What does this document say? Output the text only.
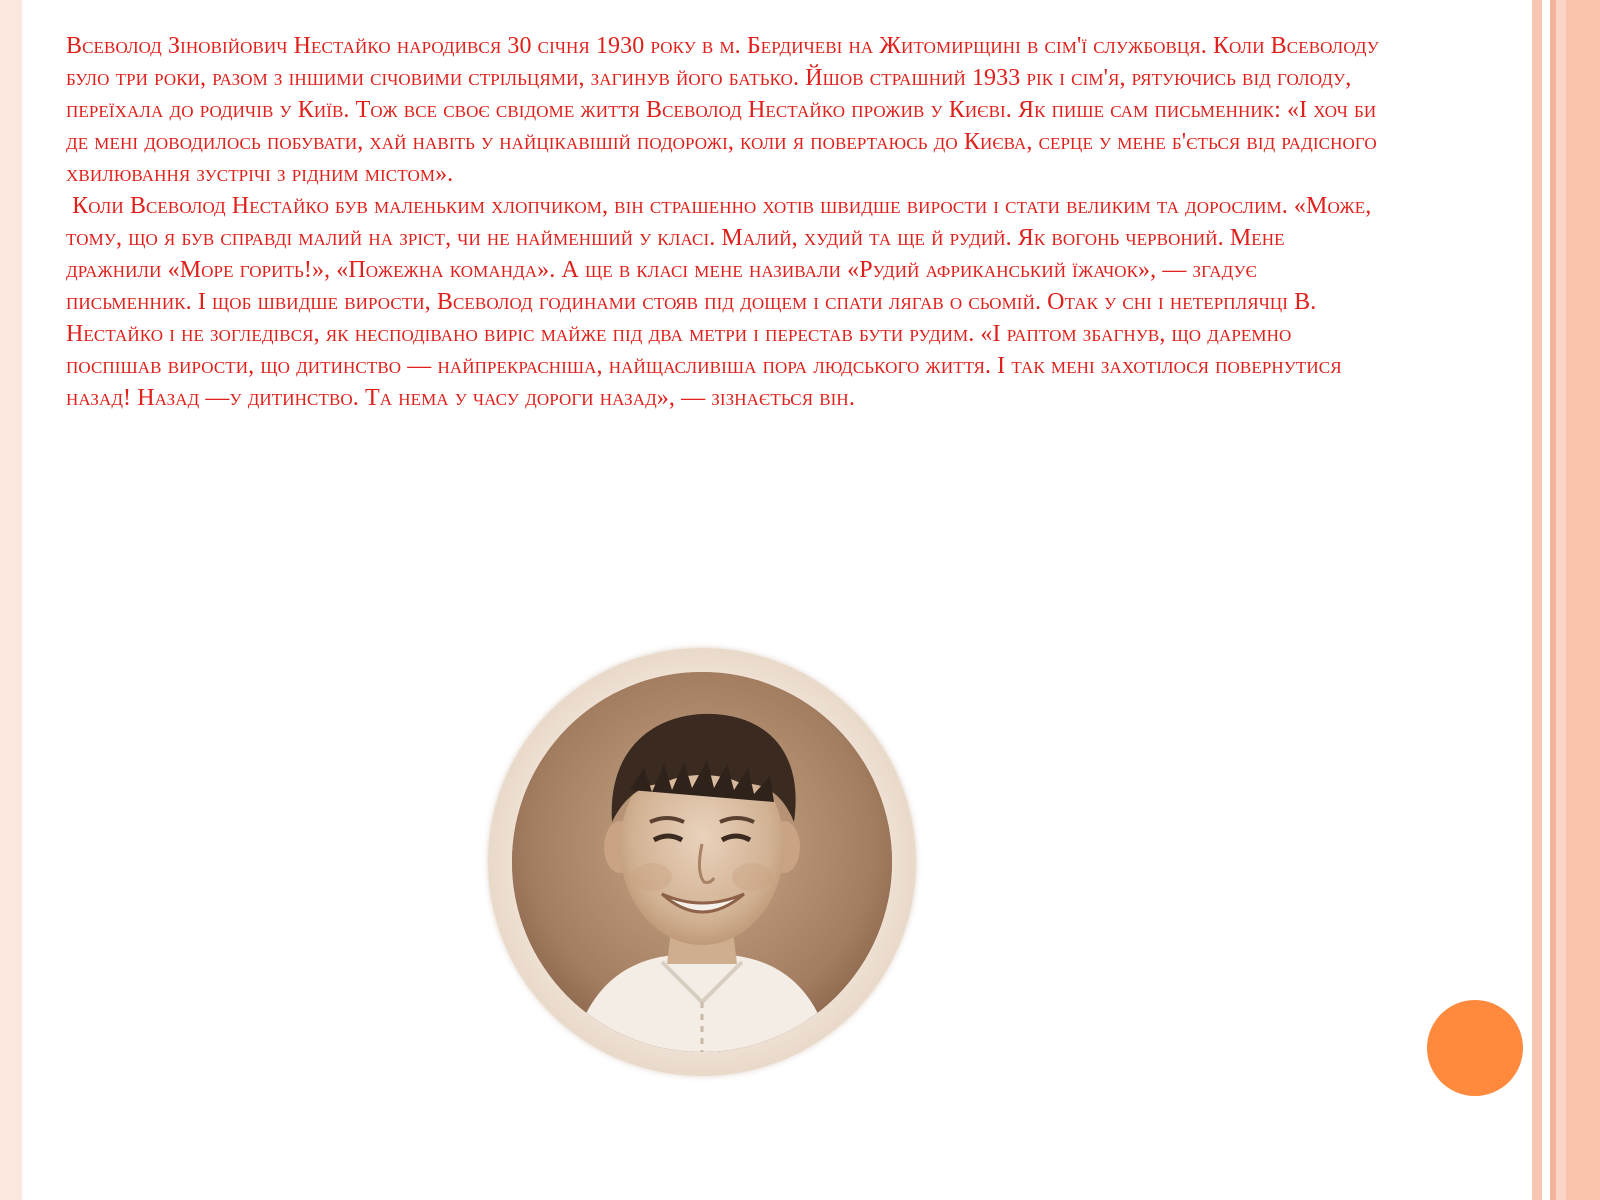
Всеволод Зіновійович Нестайко народився 30 січня 1930 року в м. Бердичеві на Житомирщині в сім'ї службовця. Коли Всеволоду було три роки, разом з іншими січовими стрільцями, загинув його батько. Йшов страшний 1933 рік і сім'я, рятуючись від голоду, переїхала до родичів у Київ. Тож все своє свідоме життя Всеволод Нестайко прожив у Києві. Як пише сам письменник: «І хоч би де мені доводилось побувати, хай навіть у найцікавішій подорожі, коли я повертаюсь до Києва, серце у мене б'ється від радісного хвилювання зустрічі з рідним містом».

Коли Всеволод Нестайко був маленьким хлопчиком, він страшенно хотів швидше вирости і стати великим та дорослим. «Може, тому, що я був справді малий на зріст, чи не найменший у класі. Малий, худий та ще й рудий. Як вогонь червоний. Мене дражнили «Море горить!», «Пожежна команда». А ще в класі мене називали «Рудий африканський їжачок», — згадує письменник. І щоб швидше вирости, Всеволод годинами стояв під дощем і спати лягав о сьомій. Отак у сні і нетерплячці В. Нестайко і не зогледівся, як несподівано виріс майже під два метри і перестав бути рудим. «І раптом збагнув, що даремно поспішав вирости, що дитинство — найпрекрасніша, найщасливіша пора людського життя. І так мені захотілося повернутися назад! Назад —у дитинство. Та нема у часу дороги назад», — зізнається він.
